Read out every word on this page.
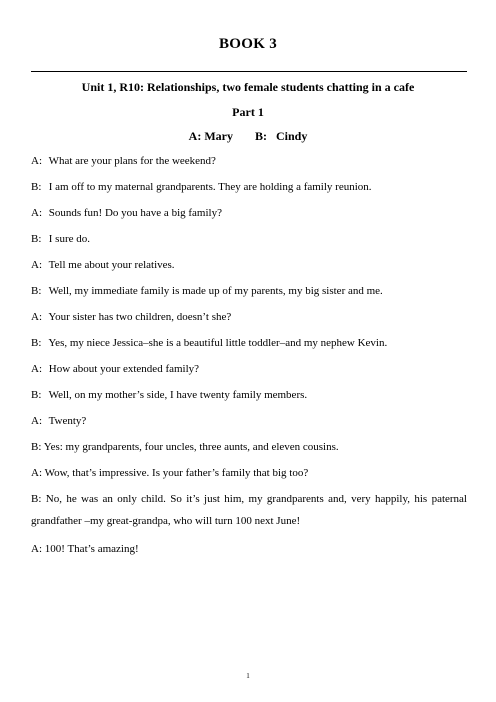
BOOK 3
Unit 1, R10: Relationships, two female students chatting in a cafe
Part 1
A: Mary B: Cindy
A: What are your plans for the weekend?
B: I am off to my maternal grandparents. They are holding a family reunion.
A: Sounds fun! Do you have a big family?
B: I sure do.
A: Tell me about your relatives.
B: Well, my immediate family is made up of my parents, my big sister and me.
A: Your sister has two children, doesn’t she?
B: Yes, my niece Jessica–she is a beautiful little toddler–and my nephew Kevin.
A: How about your extended family?
B: Well, on my mother’s side, I have twenty family members.
A: Twenty?
B: Yes: my grandparents, four uncles, three aunts, and eleven cousins.
A: Wow, that’s impressive. Is your father’s family that big too?
B: No, he was an only child. So it’s just him, my grandparents and, very happily, his paternal grandfather –my great-grandpa, who will turn 100 next June!
A: 100! That’s amazing!
1
